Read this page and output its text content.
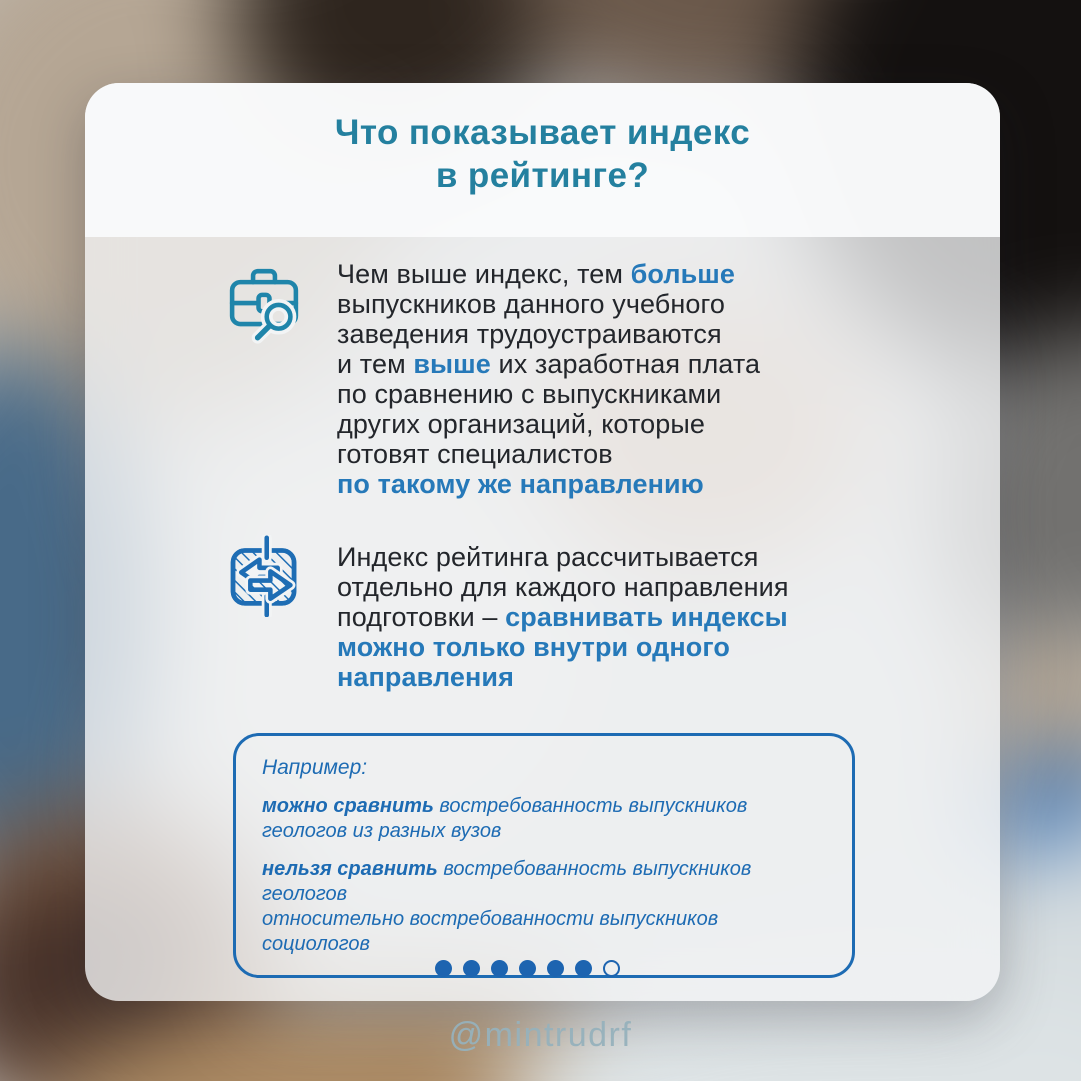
Что показывает индекс
в рейтинге?

Чем выше индекс, тем больше
выпускников данного учебного
заведения трудоустраиваются
и тем выше их заработная плата
по сравнению с выпускниками
других организаций, которые
готовят специалистов
по такому же направлению

Индекс рейтинга рассчитывается
отдельно для каждого направления
подготовки – сравнивать индексы
можно только внутри одного
направления

Например:

можно сравнить востребованность выпускников
геологов из разных вузов

нельзя сравнить востребованность выпускников геологов
относительно востребованности выпускников социологов

@mintrudrf
